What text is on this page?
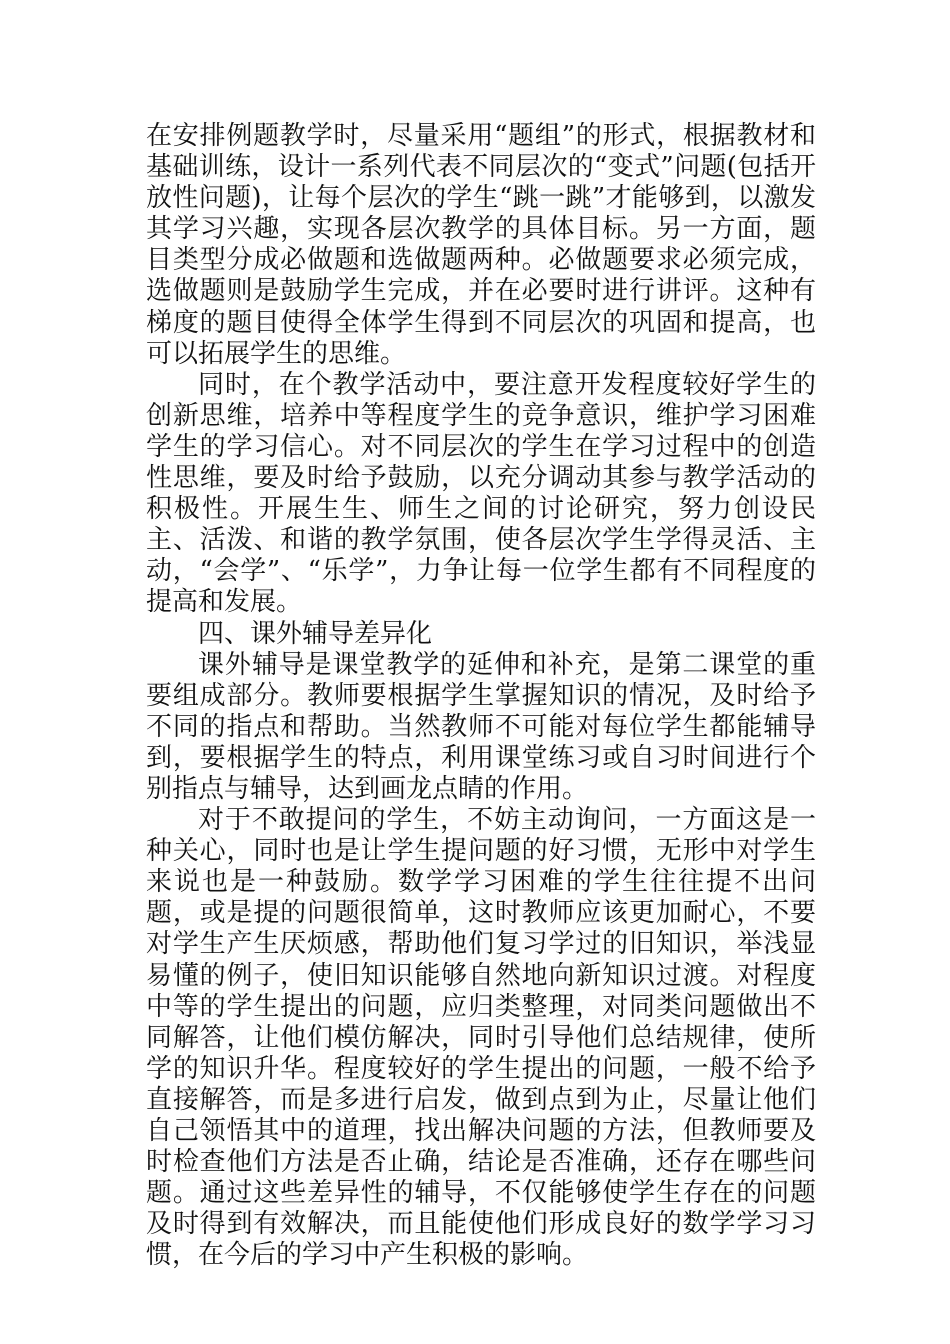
在安排例题教学时，尽量采用“题组”的形式，根据教材和基础训练，设计一系列代表不同层次的“变式”问题(包括开放性问题)，让每个层次的学生“跳一跳”才能够到，以激发其学习兴趣，实现各层次教学的具体目标。另一方面，题目类型分成必做题和选做题两种。必做题要求必须完成，选做题则是鼓励学生完成，并在必要时进行讲评。这种有梯度的题目使得全体学生得到不同层次的巩固和提高，也可以拓展学生的思维。

同时，在个教学活动中，要注意开发程度较好学生的创新思维，培养中等程度学生的竞争意识，维护学习困难学生的学习信心。对不同层次的学生在学习过程中的创造性思维，要及时给予鼓励，以充分调动其参与教学活动的积极性。开展生生、师生之间的讨论研究，努力创设民主、活泼、和谐的教学氛围，使各层次学生学得灵活、主动，“会学”、“乐学”，力争让每一位学生都有不同程度的提高和发展。

四、课外辅导差异化

课外辅导是课堂教学的延伸和补充，是第二课堂的重要组成部分。教师要根据学生掌握知识的情况，及时给予不同的指点和帮助。当然教师不可能对每位学生都能辅导到，要根据学生的特点，利用课堂练习或自习时间进行个别指点与辅导，达到画龙点睛的作用。

对于不敢提问的学生，不妨主动询问，一方面这是一种关心，同时也是让学生提问题的好习惯，无形中对学生来说也是一种鼓励。数学学习困难的学生往往提不出问题，或是提的问题很简单，这时教师应该更加耐心，不要对学生产生厌烦感，帮助他们复习学过的旧知识，举浅显易懂的例子，使旧知识能够自然地向新知识过渡。对程度中等的学生提出的问题，应归类整理，对同类问题做出不同解答，让他们模仿解决，同时引导他们总结规律，使所学的知识升华。程度较好的学生提出的问题，一般不给予直接解答，而是多进行启发，做到点到为止，尽量让他们自己领悟其中的道理，找出解决问题的方法，但教师要及时检查他们方法是否止确，结论是否准确，还存在哪些问题。通过这些差异性的辅导，不仅能够使学生存在的问题及时得到有效解决，而且能使他们形成良好的数学学习习惯，在今后的学习中产生积极的影响。
